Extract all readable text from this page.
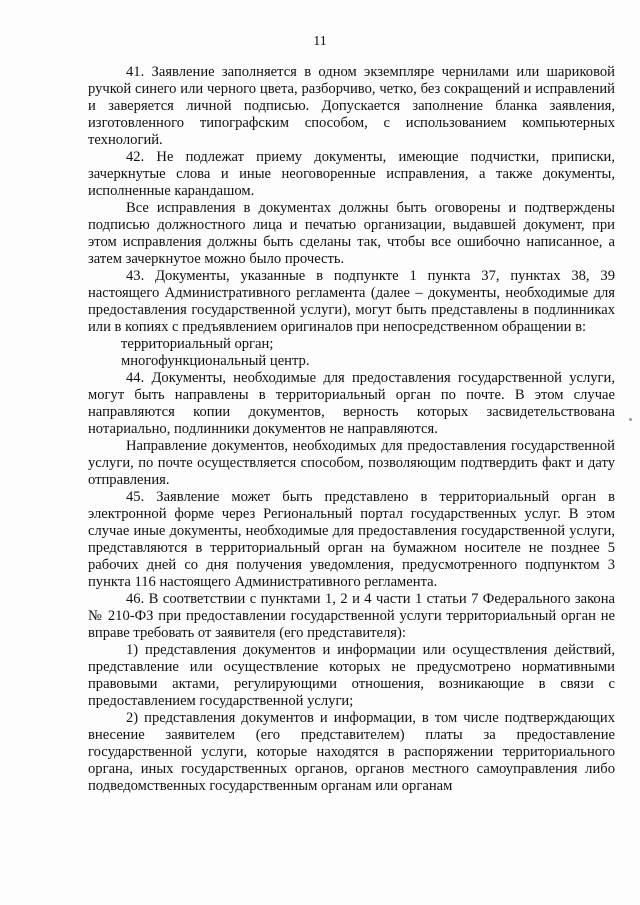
11

41. Заявление заполняется в одном экземпляре чернилами или шариковой ручкой синего или черного цвета, разборчиво, четко, без сокращений и исправлений и заверяется личной подписью. Допускается заполнение бланка заявления, изготовленного типографским способом, с использованием компьютерных технологий.

42. Не подлежат приему документы, имеющие подчистки, приписки, зачеркнутые слова и иные неоговоренные исправления, а также документы, исполненные карандашом.

Все исправления в документах должны быть оговорены и подтверждены подписью должностного лица и печатью организации, выдавшей документ, при этом исправления должны быть сделаны так, чтобы все ошибочно написанное, а затем зачеркнутое можно было прочесть.

43. Документы, указанные в подпункте 1 пункта 37, пунктах 38, 39 настоящего Административного регламента (далее – документы, необходимые для предоставления государственной услуги), могут быть представлены в подлинниках или в копиях с предъявлением оригиналов при непосредственном обращении в:

территориальный орган;

многофункциональный центр.

44. Документы, необходимые для предоставления государственной услуги, могут быть направлены в территориальный орган по почте. В этом случае направляются копии документов, верность которых засвидетельствована нотариально, подлинники документов не направляются.

Направление документов, необходимых для предоставления государственной услуги, по почте осуществляется способом, позволяющим подтвердить факт и дату отправления.

45. Заявление может быть представлено в территориальный орган в электронной форме через Региональный портал государственных услуг. В этом случае иные документы, необходимые для предоставления государственной услуги, представляются в территориальный орган на бумажном носителе не позднее 5 рабочих дней со дня получения уведомления, предусмотренного подпунктом 3 пункта 116 настоящего Административного регламента.

46. В соответствии с пунктами 1, 2 и 4 части 1 статьи 7 Федерального закона № 210-ФЗ при предоставлении государственной услуги территориальный орган не вправе требовать от заявителя (его представителя):

1) представления документов и информации или осуществления действий, представление или осуществление которых не предусмотрено нормативными правовыми актами, регулирующими отношения, возникающие в связи с предоставлением государственной услуги;

2) представления документов и информации, в том числе подтверждающих внесение заявителем (его представителем) платы за предоставление государственной услуги, которые находятся в распоряжении территориального органа, иных государственных органов, органов местного самоуправления либо подведомственных государственным органам или органам
